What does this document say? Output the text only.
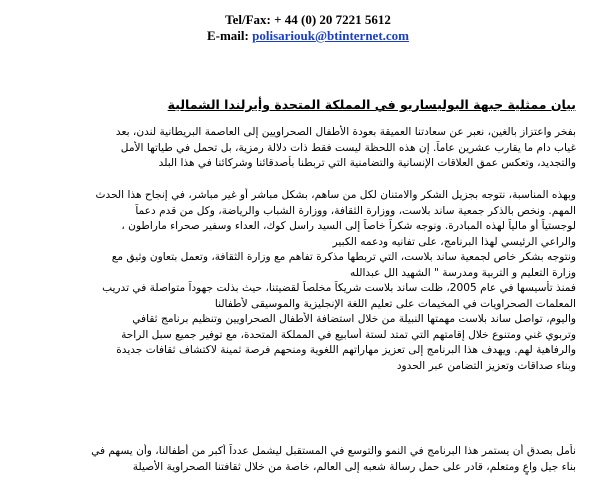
Tel/Fax: + 44 (0) 20 7221 5612
E-mail: polisariouk@btinternet.com
بيان ممثلية جبهة البوليساريو في المملكة المتحدة وأيرلندا الشمالية
بفخر واعتزاز بالغين، نعبر عن سعادتنا العميقة بعودة الأطفال الصحراويين إلى العاصمة البريطانية لندن، بعد
غياب دام ما يقارب عشرين عاماً. إن هذه اللحظة ليست فقط ذات دلالة رمزية، بل تحمل في طياتها الأمل
والتجديد، وتعكس عمق العلاقات الإنسانية والتضامنية التي تربطنا بأصدقائنا وشركائنا في هذا البلد
وبهذه المناسبة، نتوجه بجزيل الشكر والامتنان لكل من ساهم، بشكل مباشر أو غير مباشر، في إنجاح هذا الحدث
المهم. ونخص بالذكر جمعية ساند بلاست، ووزارة الثقافة، ووزارة الشباب والرياضة، وكل من قدم دعماً
لوجستياً أو مالياً لهذه المبادرة. ونوجه شكراً خاصاً إلى السيد راسل كوك، العداء وسفير صحراء ماراطون ،
والراعي الرئيسي لهذا البرنامج، على تفانيه ودعمه الكبير
ونتوجه بشكر خاص لجمعية ساند بلاست، التي تربطها مذكرة تفاهم مع وزارة الثقافة، وتعمل بتعاون وثيق مع
وزارة التعليم و التربية ومدرسة " الشهيد الل عبدالله
فمنذ تأسيسها في عام 2005، ظلت ساند بلاست شريكاً مخلصاً لقضيتنا، حيث بذلت جهوداً متواصلة في تدريب
المعلمات الصحراويات في المخيمات على تعليم اللغة الإنجليزية والموسيقى لأطفالنا
واليوم، تواصل ساند بلاست مهمتها النبيلة من خلال استضافة الأطفال الصحراويين وتنظيم برنامج ثقافي
وتربوي غني ومتنوع خلال إقامتهم التي تمتد لستة أسابيع في المملكة المتحدة، مع توفير جميع سبل الراحة
والرفاهية لهم. ويهدف هذا البرنامج إلى تعزيز مهاراتهم اللغوية ومنحهم فرصة ثمينة لاكتشاف ثقافات جديدة
وبناء صداقات وتعزيز التضامن عبر الحدود
نأمل بصدق أن يستمر هذا البرنامج في النمو والتوسع في المستقبل ليشمل عدداً أكبر من أطفالنا، وأن يسهم في
بناء جيل واعٍ ومتعلم، قادر على حمل رسالة شعبه إلى العالم، خاصة من خلال ثقافتنا الصحراوية الأصيلة
